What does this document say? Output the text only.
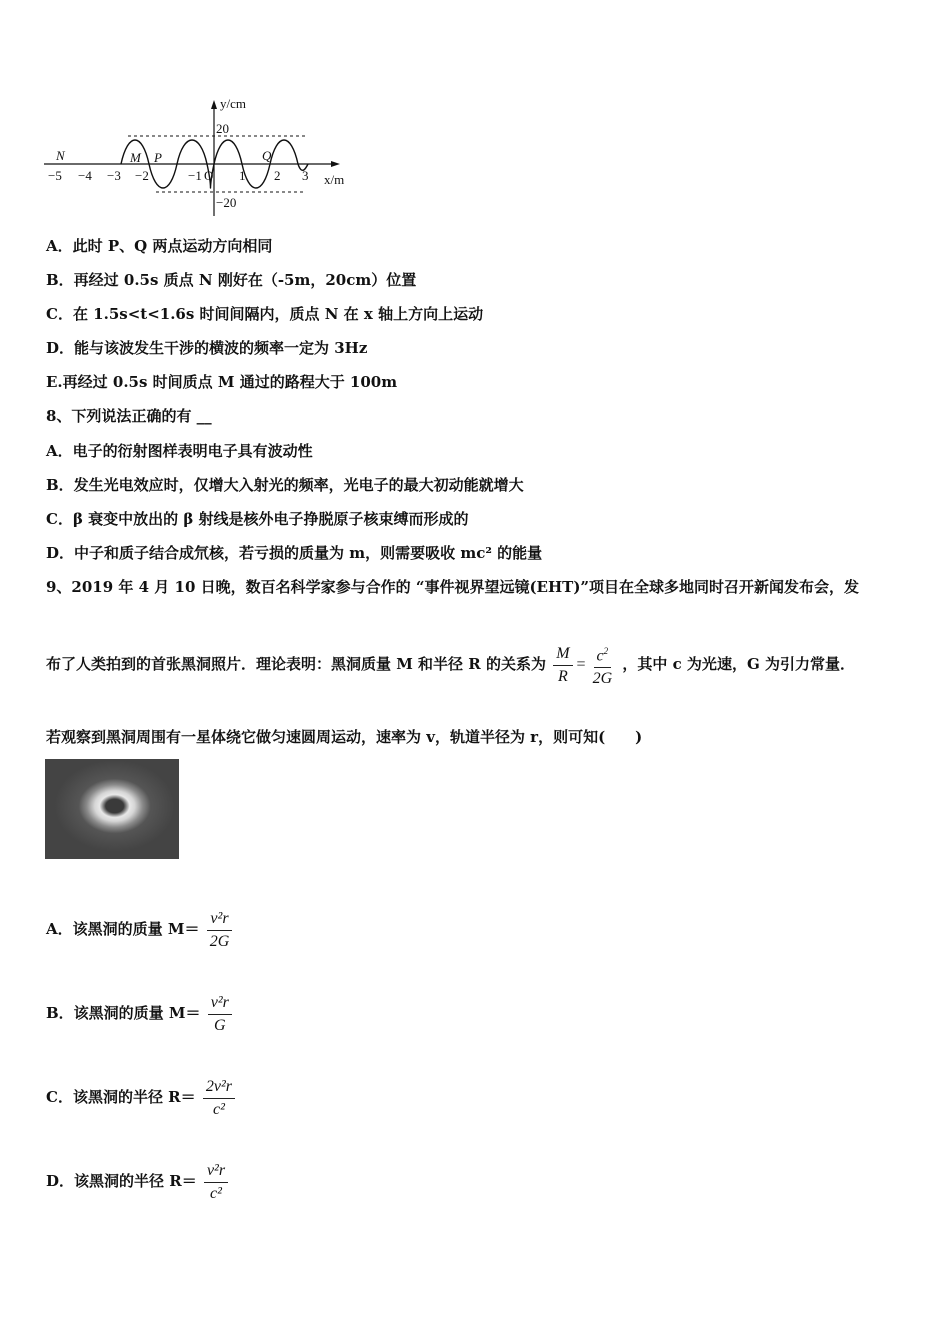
y/cm
x/m
20
−20
−5 −4 −3 −2	−1 O 1 2 3
N	M P	Q
A．此时 P、Q 两点运动方向相同
B．再经过 0.5s 质点 N 刚好在（-5m，20cm）位置
C．在 1.5s<t<1.6s 时间间隔内，质点 N 在 x 轴上方向上运动
D．能与该波发生干涉的横波的频率一定为 3Hz
E.再经过 0.5s 时间质点 M 通过的路程大于 100m
8、下列说法正确的有 __
A．电子的衍射图样表明电子具有波动性
B．发生光电效应时，仅增大入射光的频率，光电子的最大初动能就增大
C．β 衰变中放出的 β 射线是核外电子挣脱原子核束缚而形成的
D．中子和质子结合成氘核，若亏损的质量为 m，则需要吸收 mc² 的能量
9、2019 年 4 月 10 日晚，数百名科学家参与合作的 “事件视界望远镜(EHT)”项目在全球多地同时召开新闻发布会，发
布了人类拍到的首张黑洞照片．理论表明：黑洞质量 M 和半径 R 的关系为 $\frac{M}{R} = \frac{c^2}{2G}$ ，其中 c 为光速，G 为引力常量．
若观察到黑洞周围有一星体绕它做匀速圆周运动，速率为 v，轨道半径为 r，则可知(　　)
A．该黑洞的质量 $M= \frac{\text{v²r}}{2G}$
B．该黑洞的质量 $M= \frac{\text{v²r}}{G}$
C．该黑洞的半径 $R= \frac{\text{2v²r}}{\text{c²}}$
D．该黑洞的半径 $R= \frac{\text{v²r}}{\text{c²}}$
